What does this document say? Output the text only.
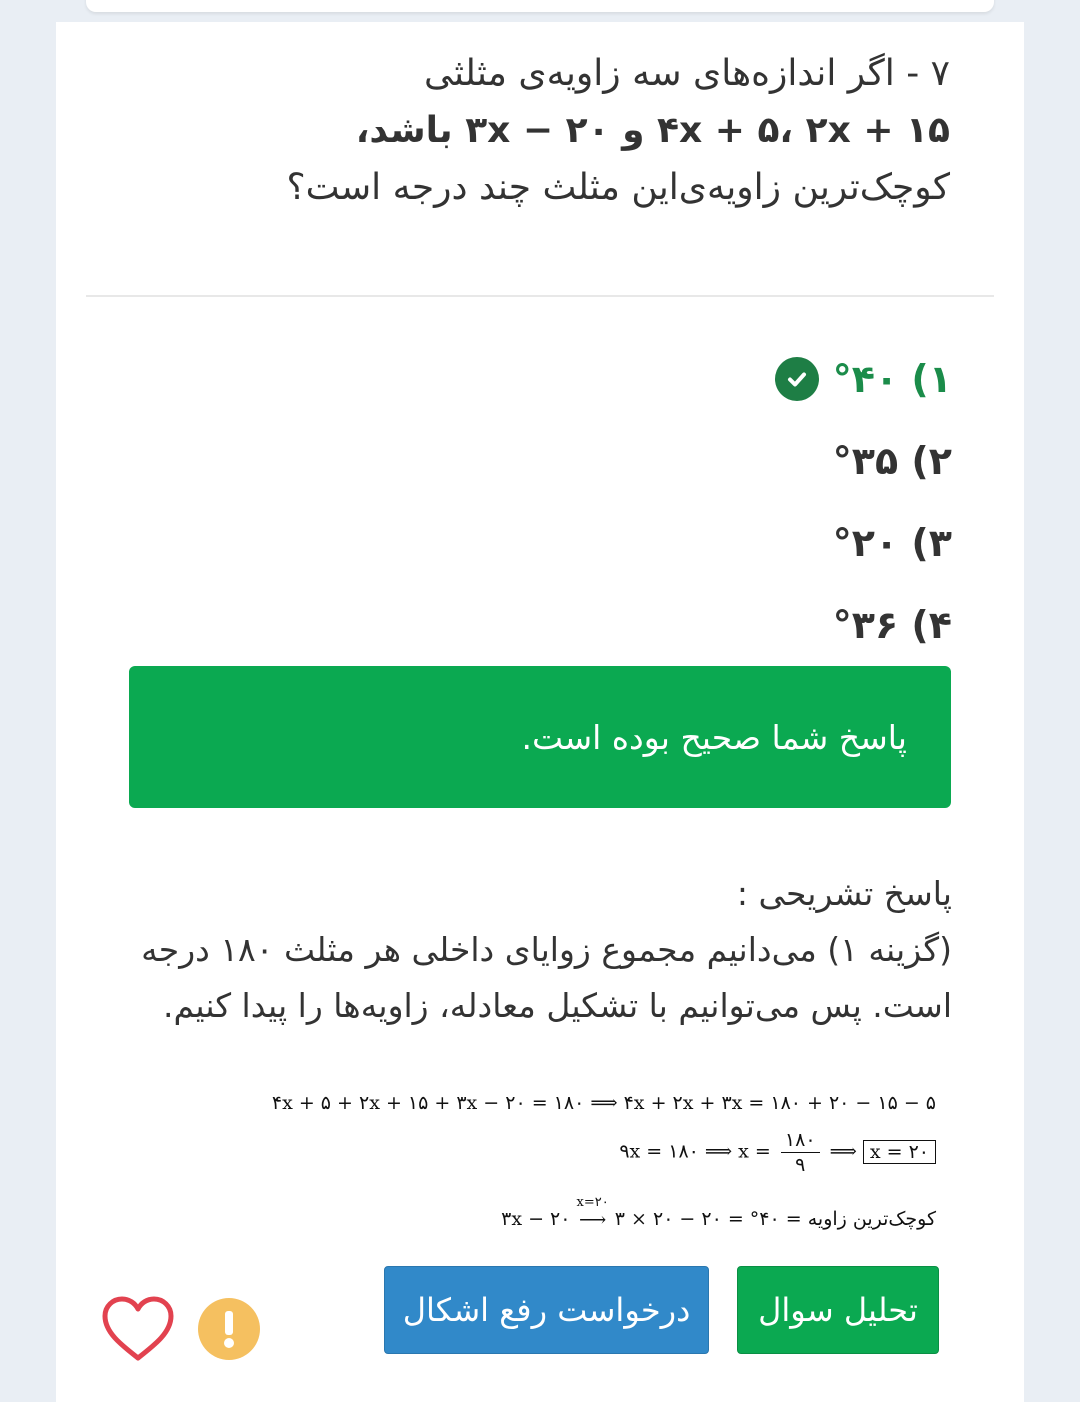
۷ - اگر اندازه‌های سه زاویه‌ی مثلثی

۴x + ۵، ۲x + ۱۵ و ۳x − ۲۰ باشد،

کوچک‌ترین زاویه‌ی‌این مثلث چند درجه است؟

۱) °۴۰
۲) °۳۵
۳) °۲۰
۴) °۳۶
پاسخ شما صحیح بوده است.

پاسخ تشریحی :

(گزینه ۱) می‌دانیم مجموع زوایای داخلی هر مثلث ۱۸۰ درجه است. پس می‌توانیم با تشکیل معادله، زاویه‌ها را پیدا کنیم.

۴x + ۵ + ۲x + ۱۵ + ۳x − ۲۰ = ۱۸۰ ⟹ ۴x + ۲x + ۳x = ۱۸۰ + ۲۰ − ۱۵ − ۵
۹x = ۱۸۰ ⟹ $x = \frac{۱۸۰}{۹}$ ⟹ x = ۲۰
کوچک‌ترین زاویه = ۳x − ۲۰
x=۲۰
⟶ ۳ × ۲۰ − ۲۰ = °۴۰
تحلیل سوال
درخواست رفع اشکال
